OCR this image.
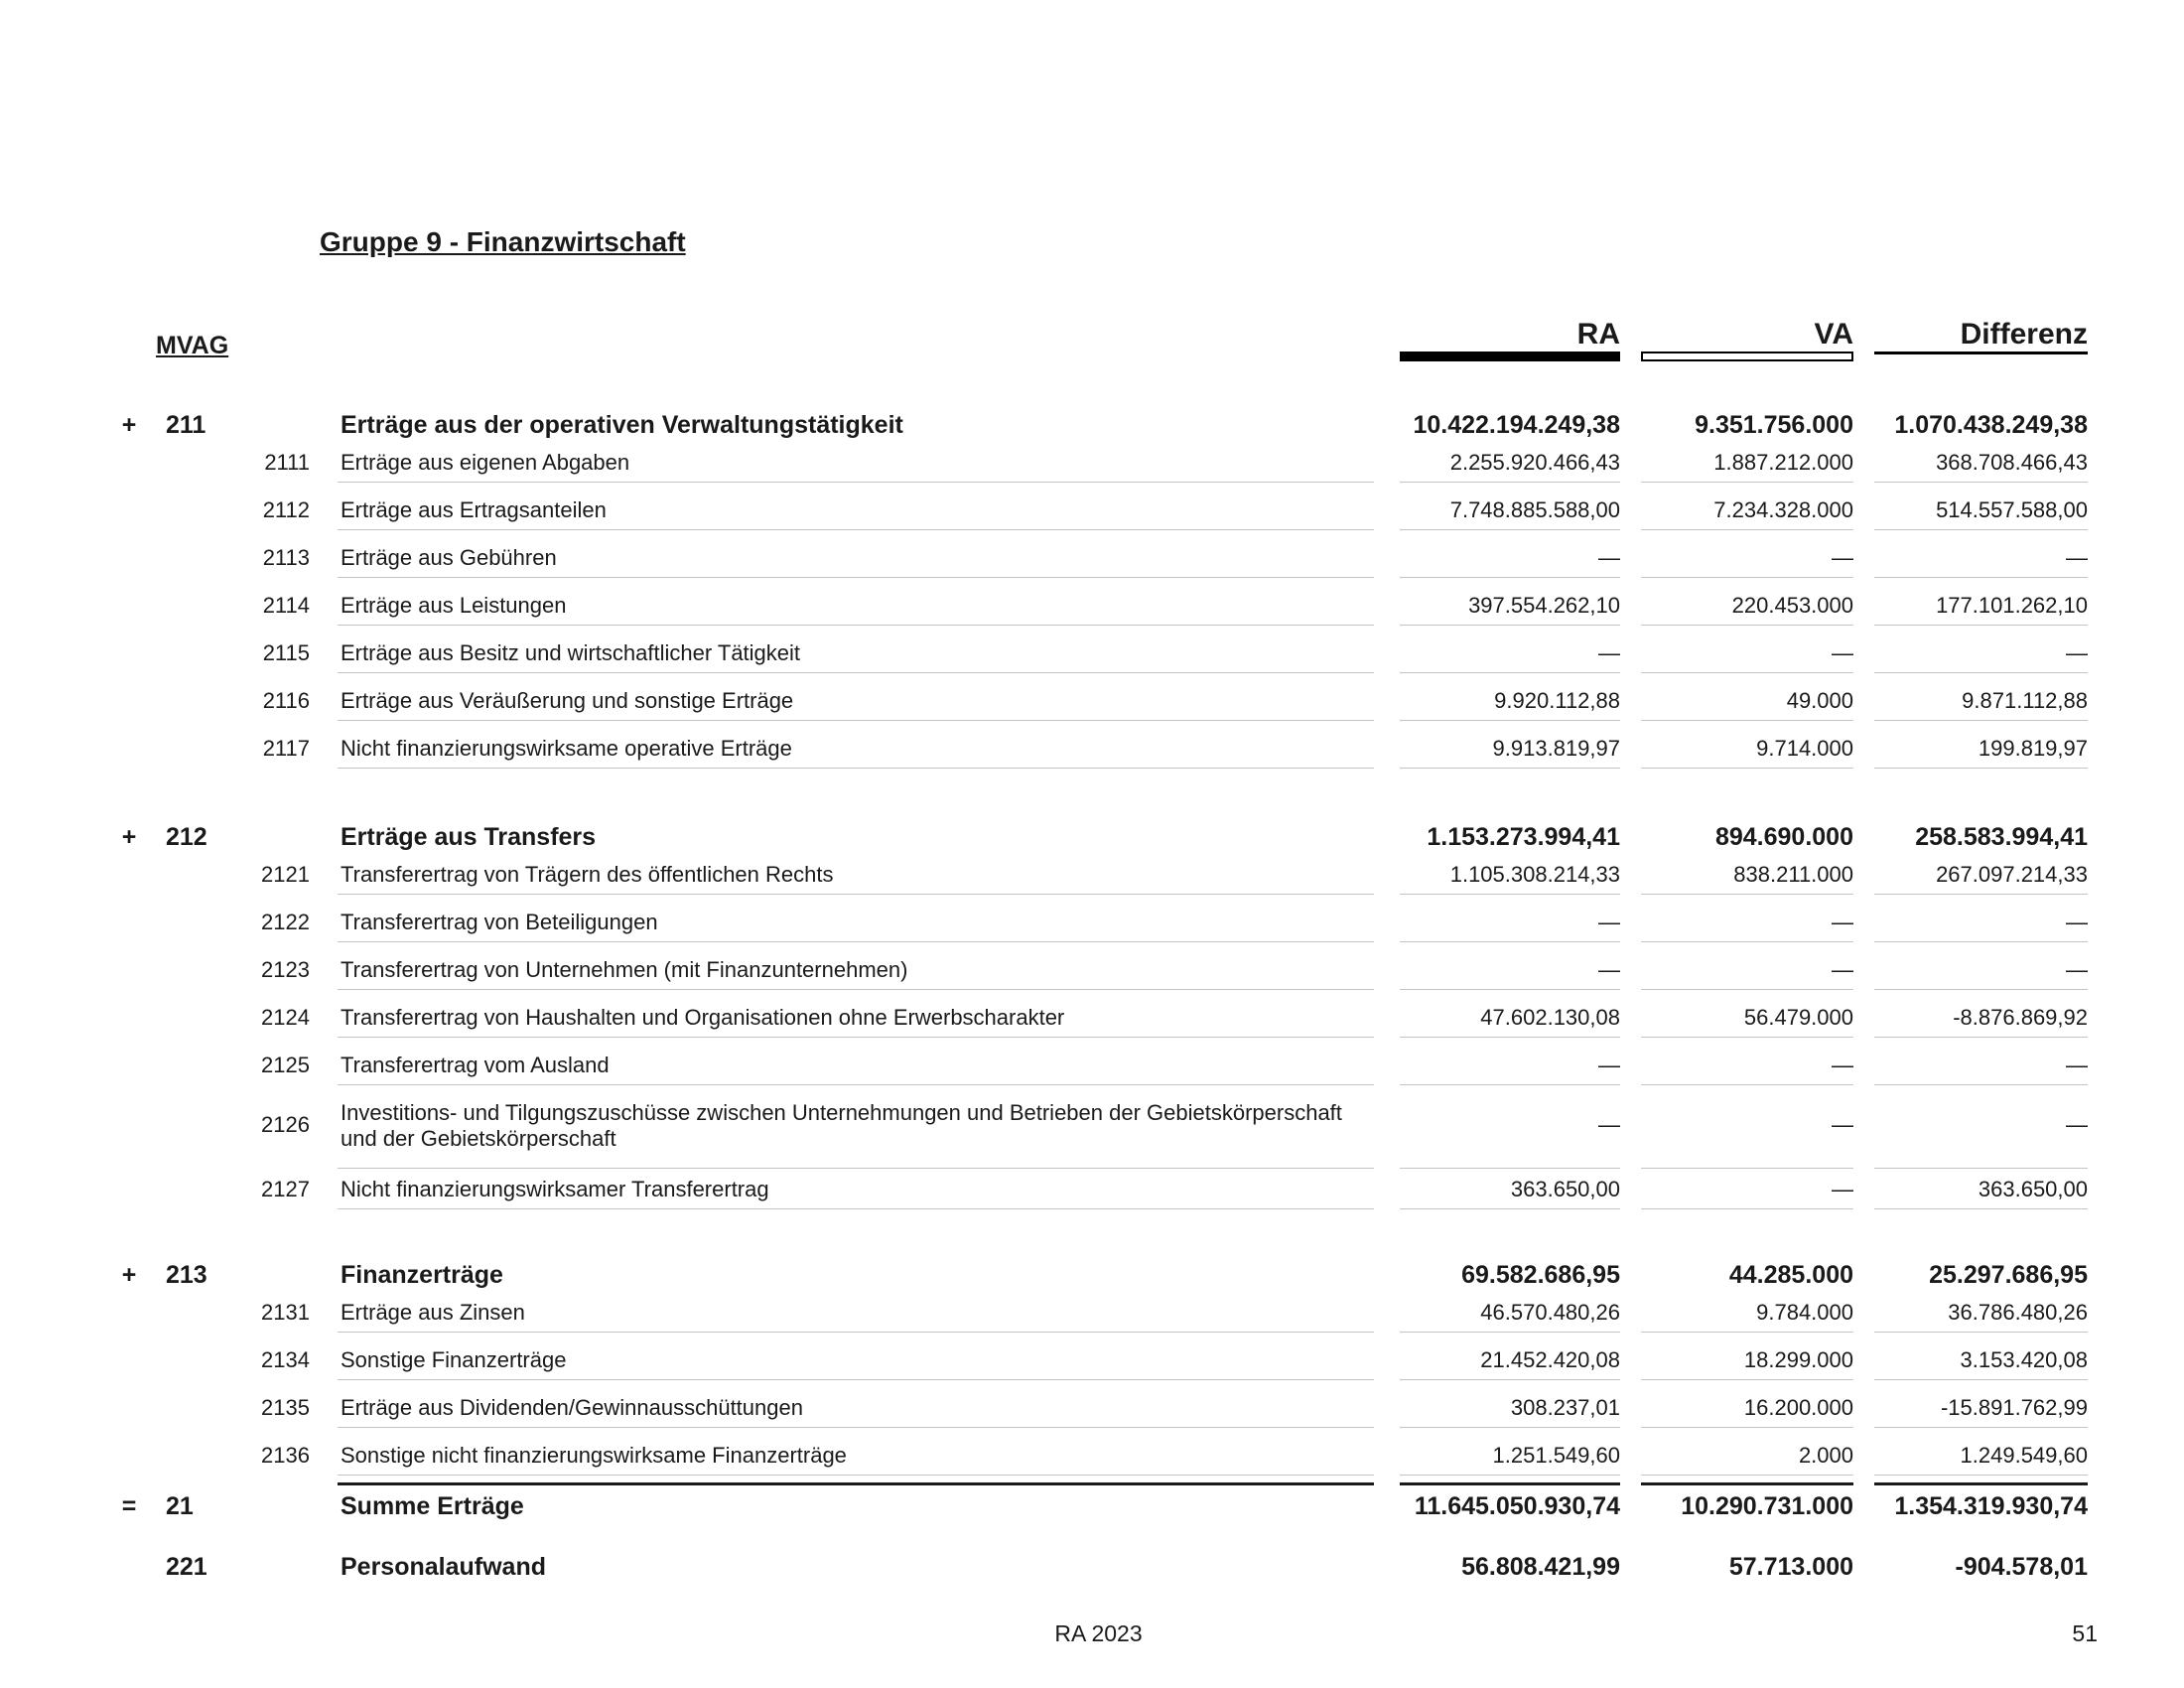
Gruppe 9 - Finanzwirtschaft
MVAG	RA	VA	Differenz
+ 211	Erträge aus der operativen Verwaltungstätigkeit	10.422.194.249,38	9.351.756.000	1.070.438.249,38
2111 Erträge aus eigenen Abgaben	2.255.920.466,43	1.887.212.000	368.708.466,43
2112 Erträge aus Ertragsanteilen	7.748.885.588,00	7.234.328.000	514.557.588,00
2113 Erträge aus Gebühren	—	—	—
2114 Erträge aus Leistungen	397.554.262,10	220.453.000	177.101.262,10
2115 Erträge aus Besitz und wirtschaftlicher Tätigkeit	—	—	—
2116 Erträge aus Veräußerung und sonstige Erträge	9.920.112,88	49.000	9.871.112,88
2117 Nicht finanzierungswirksame operative Erträge	9.913.819,97	9.714.000	199.819,97
+ 212	Erträge aus Transfers	1.153.273.994,41	894.690.000	258.583.994,41
2121 Transferertrag von Trägern des öffentlichen Rechts	1.105.308.214,33	838.211.000	267.097.214,33
2122 Transferertrag von Beteiligungen	—	—	—
2123 Transferertrag von Unternehmen (mit Finanzunternehmen)	—	—	—
2124 Transferertrag von Haushalten und Organisationen ohne Erwerbscharakter	47.602.130,08	56.479.000	-8.876.869,92
2125 Transferertrag vom Ausland	—	—	—
2126 Investitions- und Tilgungszuschüsse zwischen Unternehmungen und Betrieben der Gebietskörperschaft
und der Gebietskörperschaft
—	—	—
2127 Nicht finanzierungswirksamer Transferertrag	363.650,00	—	363.650,00
+ 213	Finanzerträge	69.582.686,95	44.285.000	25.297.686,95
2131 Erträge aus Zinsen	46.570.480,26	9.784.000	36.786.480,26
2134 Sonstige Finanzerträge	21.452.420,08	18.299.000	3.153.420,08
2135 Erträge aus Dividenden/Gewinnausschüttungen	308.237,01	16.200.000	-15.891.762,99
2136 Sonstige nicht finanzierungswirksame Finanzerträge	1.251.549,60	2.000	1.249.549,60
= 21	Summe Erträge	11.645.050.930,74	10.290.731.000	1.354.319.930,74
221	Personalaufwand	56.808.421,99	57.713.000	-904.578,01
RA 2023	51
